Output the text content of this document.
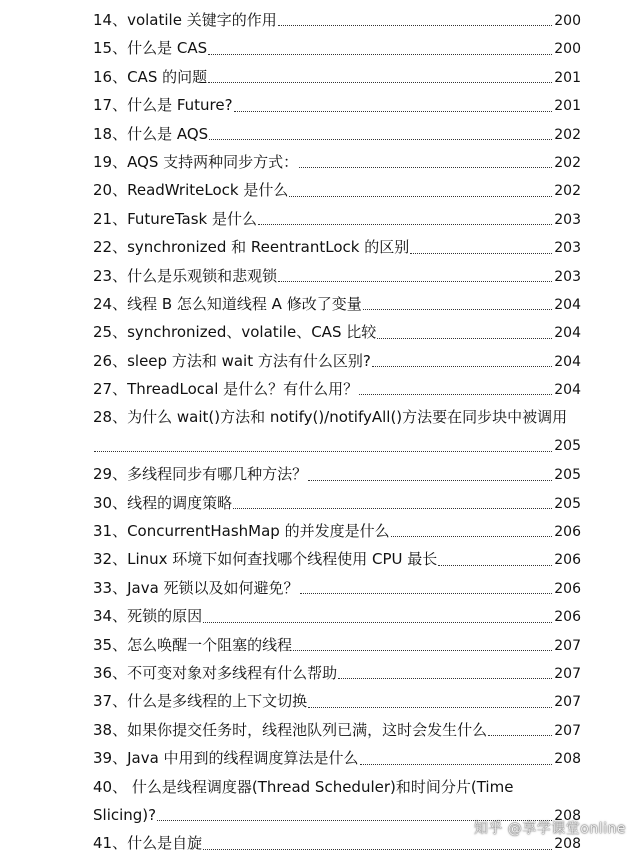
14、volatile 关键字的作用	200
15、什么是 CAS	200
16、CAS 的问题	201
17、什么是 Future?	201
18、什么是 AQS	202
19、AQS 支持两种同步方式：	202
20、ReadWriteLock 是什么	202
21、FutureTask 是什么	203
22、synchronized 和 ReentrantLock 的区别	203
23、什么是乐观锁和悲观锁	203
24、线程 B 怎么知道线程 A 修改了变量	204
25、synchronized、volatile、CAS 比较	204
26、sleep 方法和 wait 方法有什么区别?	204
27、ThreadLocal 是什么？有什么用？	204
28、为什么 wait()方法和 notify()/notifyAll()方法要在同步块中被调用
205
29、多线程同步有哪几种方法？	205
30、线程的调度策略	205
31、ConcurrentHashMap 的并发度是什么	206
32、Linux 环境下如何查找哪个线程使用 CPU 最长	206
33、Java 死锁以及如何避免？	206
34、死锁的原因	206
35、怎么唤醒一个阻塞的线程	207
36、不可变对象对多线程有什么帮助	207
37、什么是多线程的上下文切换	207
38、如果你提交任务时，线程池队列已满，这时会发生什么	207
39、Java 中用到的线程调度算法是什么	208
40、 什么是线程调度器(Thread Scheduler)和时间分片(Time
Slicing)?	208
41、什么是自旋	208
知乎 @享学课堂online
